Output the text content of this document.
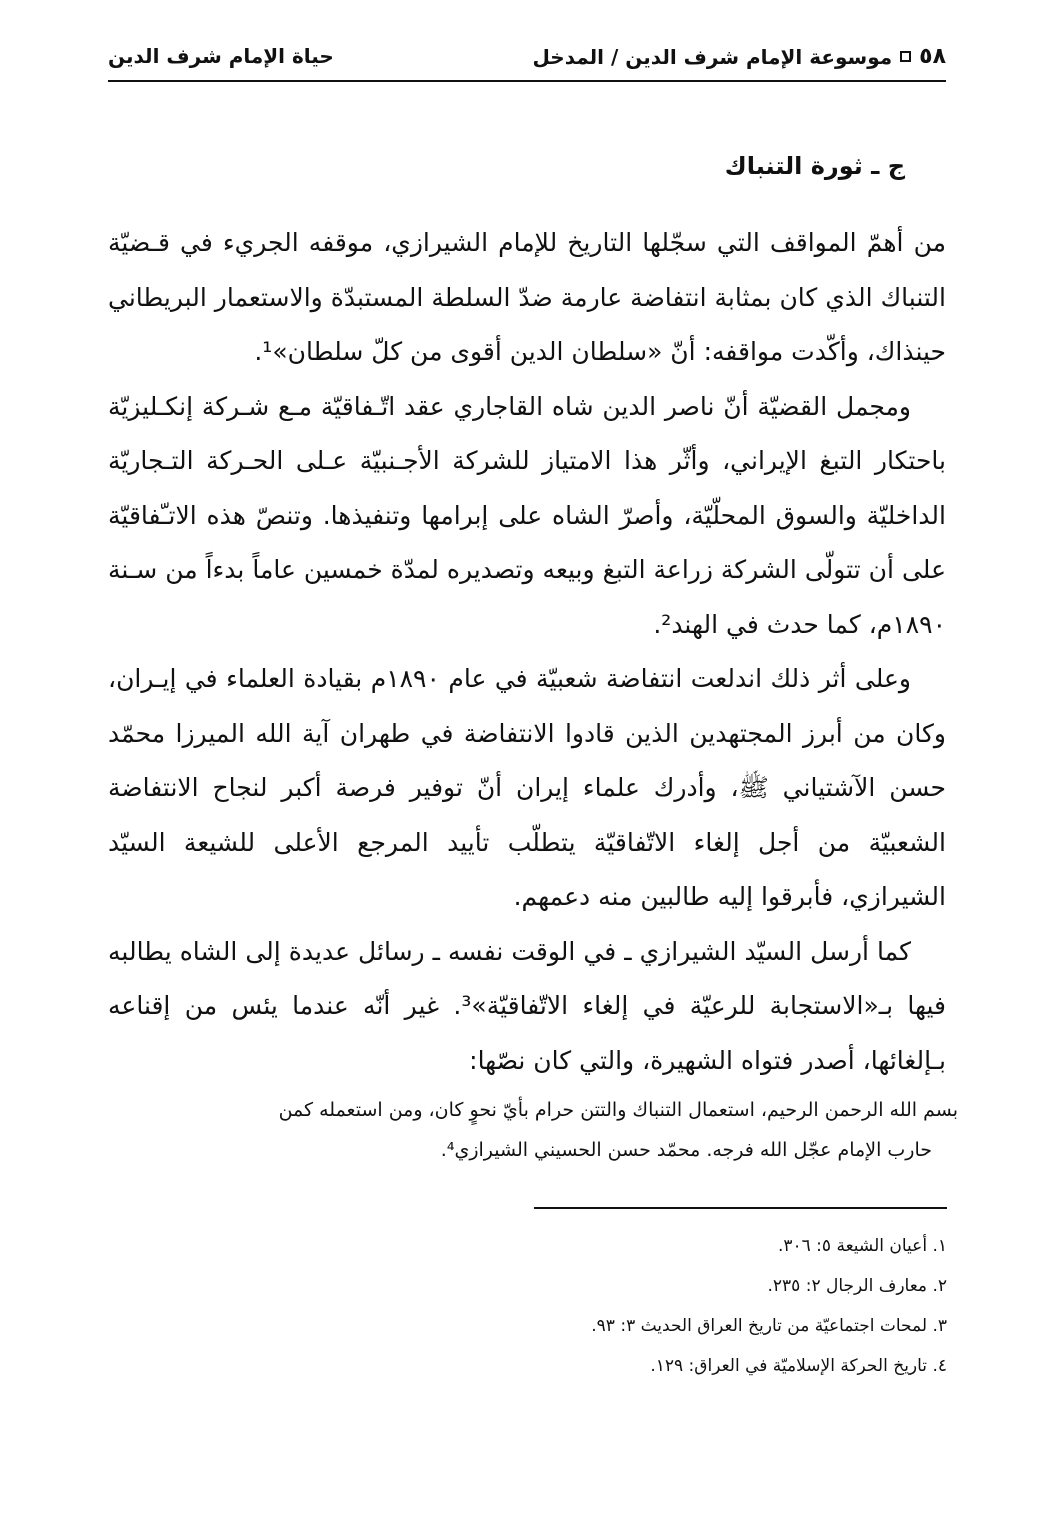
٥٨
موسوعة الإمام شرف الدين / المدخل
حياة الإمام شرف الدين
ج ـ ثورة التنباك

من أهمّ المواقف التي سجّلها التاريخ للإمام الشيرازي، موقفه الجريء في قـضيّة التنباك الذي كان بمثابة انتفاضة عارمة ضدّ السلطة المستبدّة والاستعمار البريطاني حينذاك، وأكّدت مواقفه: أنّ «سلطان الدين أقوى من كلّ سلطان»¹.

ومجمل القضيّة أنّ ناصر الدين شاه القاجاري عقد اتّـفاقيّة مـع شـركة إنكـليزيّة باحتكار التبغ الإيراني، وأثّر هذا الامتياز للشركة الأجـنبيّة عـلى الحـركة التـجاريّة الداخليّة والسوق المحلّيّة، وأصرّ الشاه على إبرامها وتنفيذها. وتنصّ هذه الاتـّفاقيّة على أن تتولّى الشركة زراعة التبغ وبيعه وتصديره لمدّة خمسين عاماً بدءاً من سـنة ١٨٩٠م، كما حدث في الهند².

وعلى أثر ذلك اندلعت انتفاضة شعبيّة في عام ١٨٩٠م بقيادة العلماء في إيـران، وكان من أبرز المجتهدين الذين قادوا الانتفاضة في طهران آية الله الميرزا محمّد حسن الآشتياني ﷺ، وأدرك علماء إيران أنّ توفير فرصة أكبر لنجاح الانتفاضة الشعبيّة من أجل إلغاء الاتّفاقيّة يتطلّب تأييد المرجع الأعلى للشيعة السيّد الشيرازي، فأبرقوا إليه طالبين منه دعمهم.

كما أرسل السيّد الشيرازي ـ في الوقت نفسه ـ رسائل عديدة إلى الشاه يطالبه فيها بـ«الاستجابة للرعيّة في إلغاء الاتّفاقيّة»³. غير أنّه عندما يئس من إقناعه بـإلغائها، أصدر فتواه الشهيرة، والتي كان نصّها:

بسم الله الرحمن الرحيم، استعمال التنباك والتتن حرام بأيّ نحوٍ كان، ومن استعمله كمن

حارب الإمام عجّل الله فرجه. محمّد حسن الحسيني الشيرازي⁴.

١. أعيان الشيعة ٥: ٣٠٦.
٢. معارف الرجال ٢: ٢٣٥.
٣. لمحات اجتماعيّة من تاريخ العراق الحديث ٣: ٩٣.
٤. تاريخ الحركة الإسلاميّة في العراق: ١٢٩.
